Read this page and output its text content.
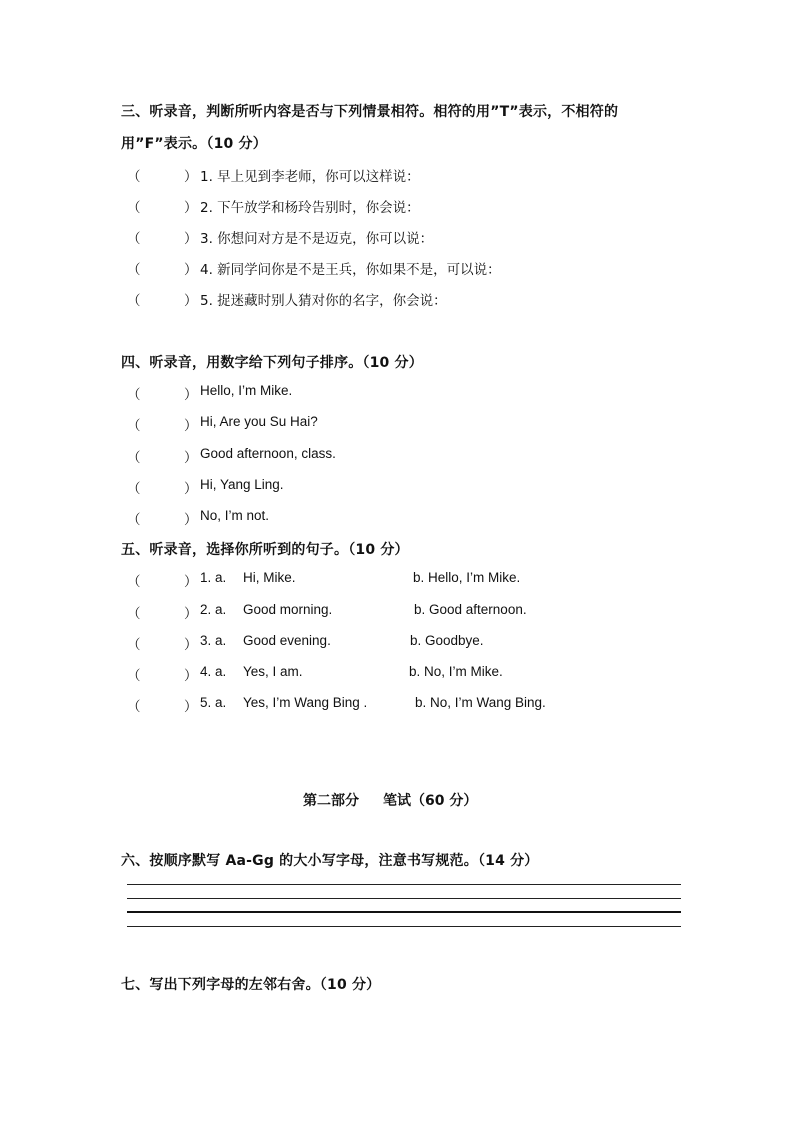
三、听录音，判断所听内容是否与下列情景相符。相符的用”T”表示，不相符的
用”F”表示。（10 分）
（	） 1. 早上见到李老师，你可以这样说：
（	） 2. 下午放学和杨玲告别时，你会说：
（	） 3. 你想问对方是不是迈克，你可以说：
（	） 4. 新同学问你是不是王兵，你如果不是，可以说：
（	） 5. 捉迷藏时别人猜对你的名字，你会说：
四、听录音，用数字给下列句子排序。（10 分）
（	） Hello, I’m Mike.
（	） Hi, Are you Su Hai?
（	） Good afternoon, class.
（	） Hi, Yang Ling.
（	） No, I’m not.
五、听录音，选择你所听到的句子。（10 分）
（	） 1. a. Hi, Mike.	b. Hello, I’m Mike.
（	） 2. a. Good morning.	b. Good afternoon.
（	） 3. a. Good evening.	b. Goodbye.
（	） 4. a. Yes, I am.	b. No, I’m Mike.
（	） 5. a. Yes, I’m Wang Bing .	b. No, I’m Wang Bing.
第二部分 笔试（60 分）
六、按顺序默写 Aa-Gg 的大小写字母，注意书写规范。（14 分）
七、写出下列字母的左邻右舍。（10 分）
